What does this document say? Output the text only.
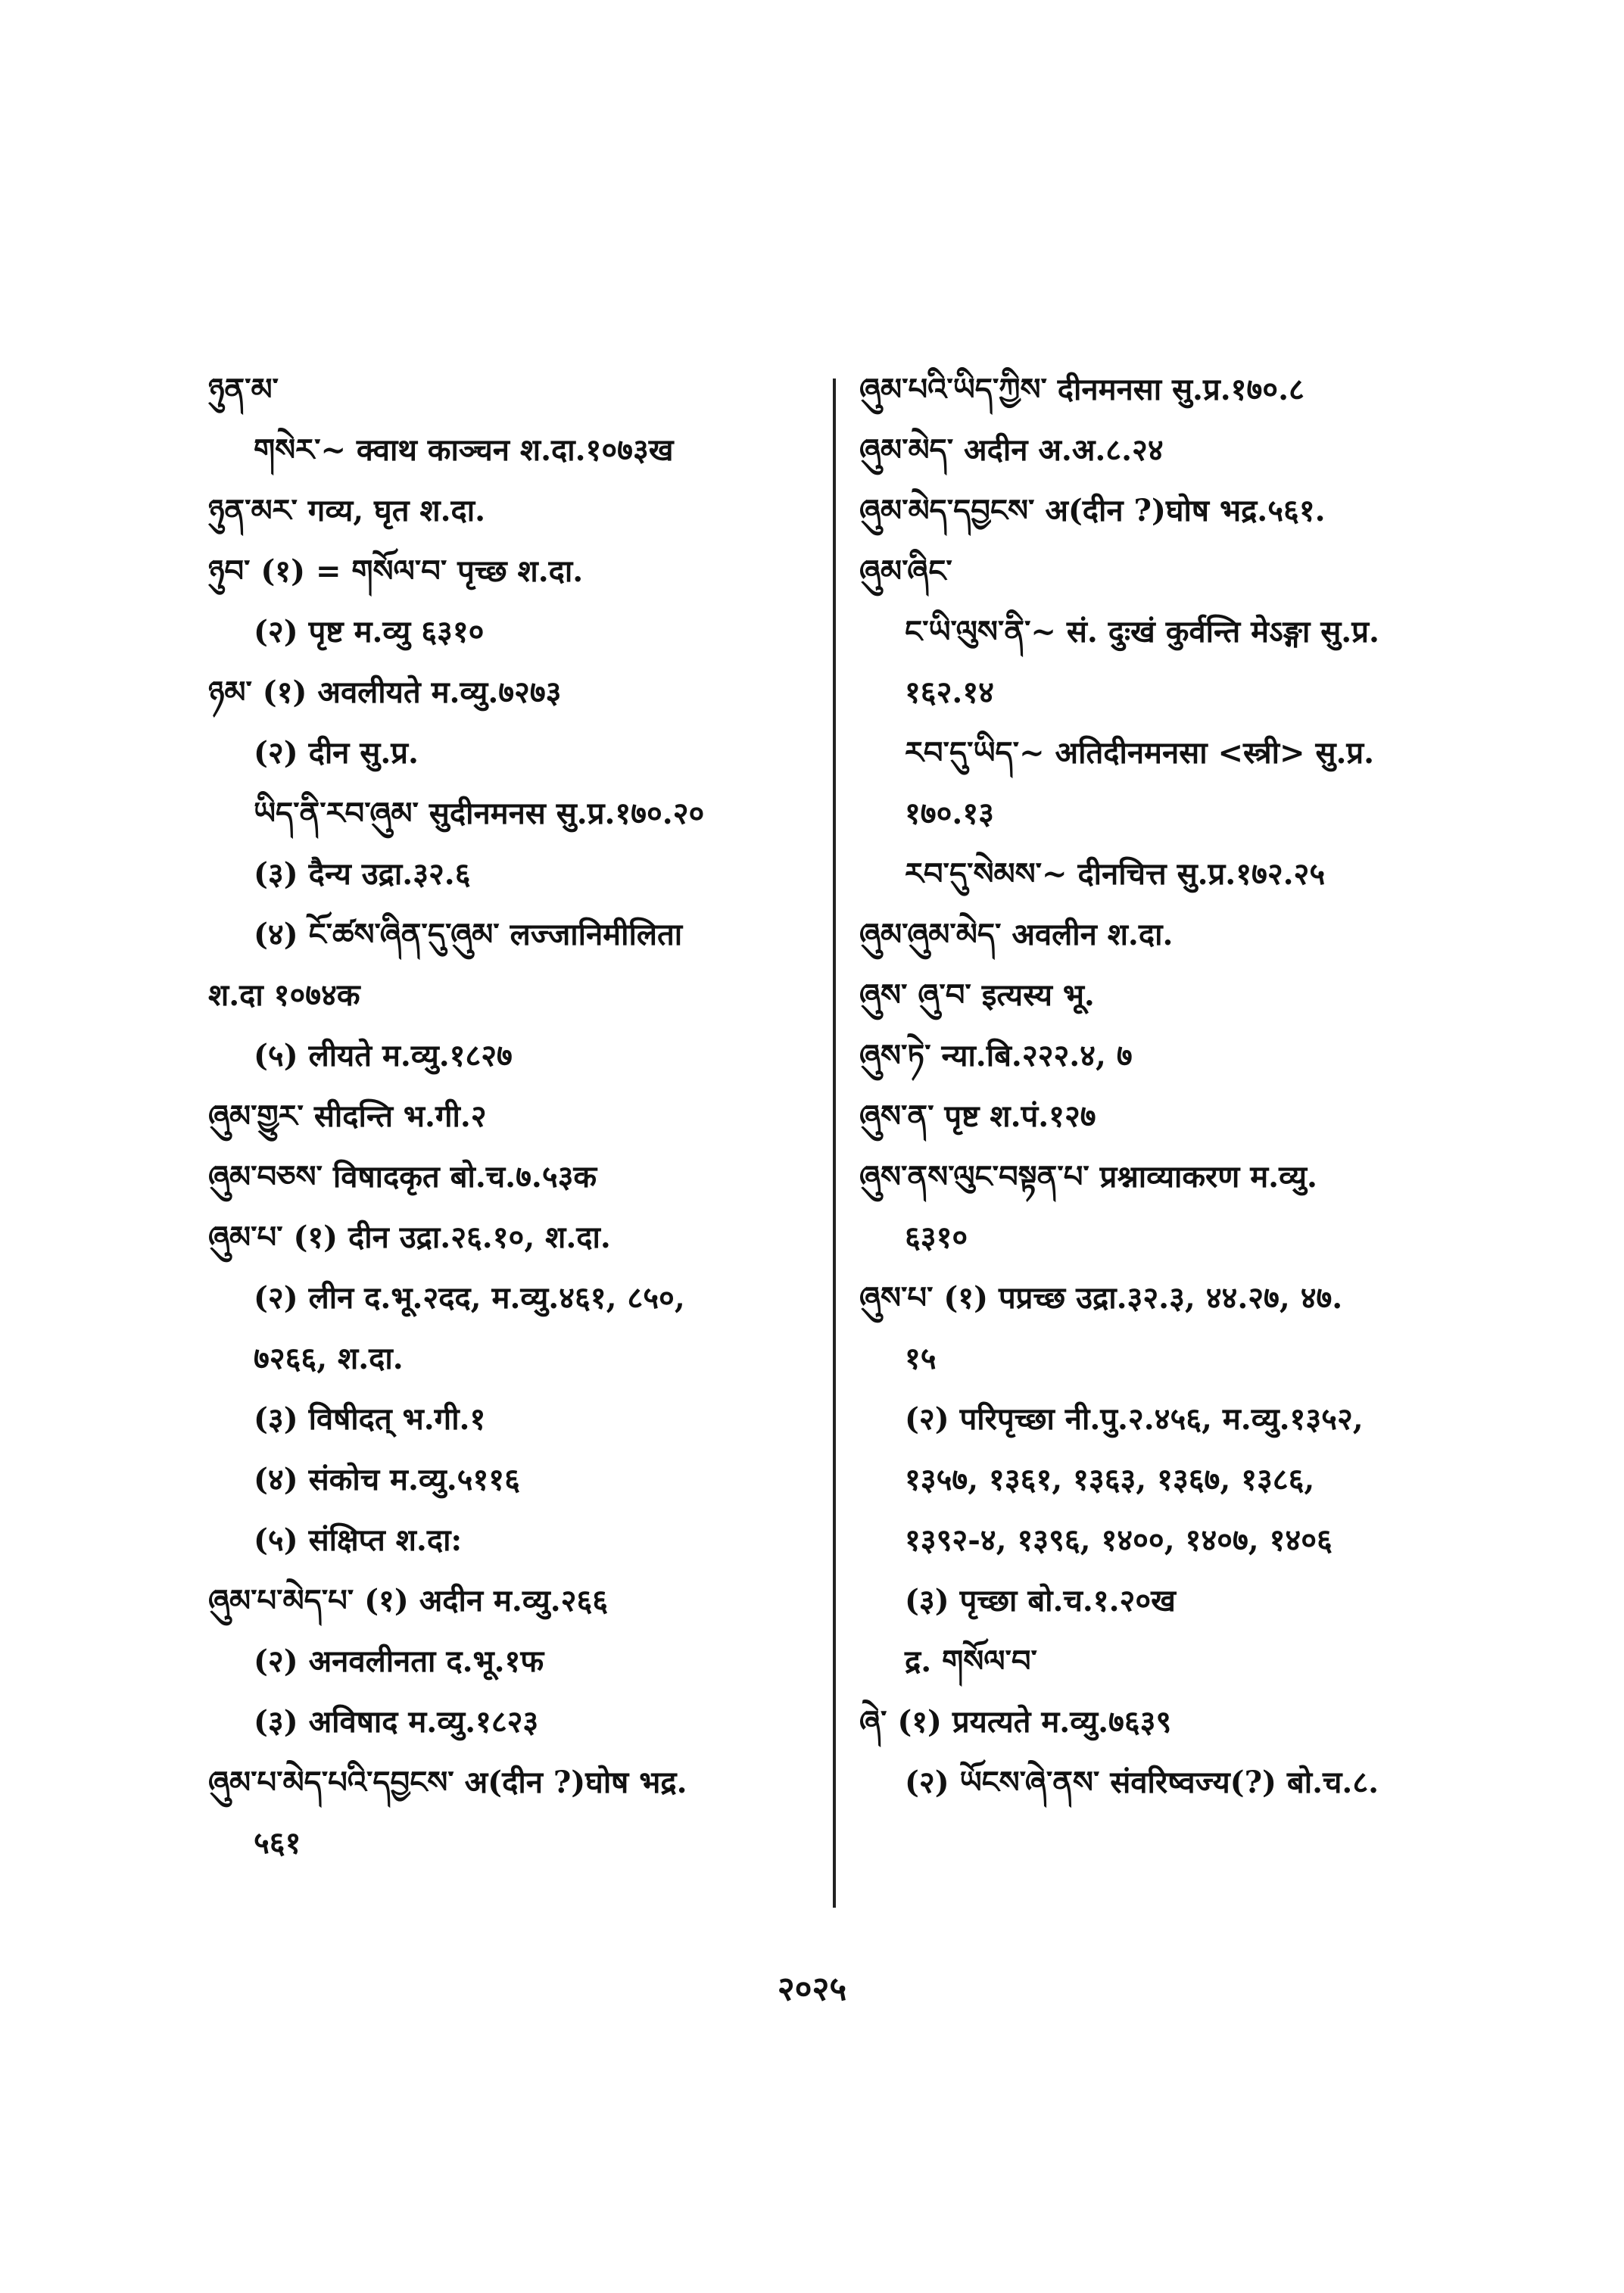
ཉུན་མ་
གསེར་~ क्वाथ काञ्चन श.दा.१०७३ख
ཉུན་མར་ गव्य, घृत श.दा.
ཉུབ་ (१) = གསོལ་བ་ पृच्छ श.दा.
(२) पृष्ट म.व्यु ६३१०
ཉམ་ (१) अवलीयते म.व्यु.७२७३
(२) दीन सु.प्र.
ཡིད་ནི་རབ་ཞུམ་ सुदीनमनस सु.प्र.१७०.२०
(३) दैन्य उद्रा.३२.६
(४) ངོ་ཚས་ཞིན་དུ་ཞུམ་ लज्जानिमीलिता
श.दा १०७४क
(५) लीयते म.व्यु.१८२७
ཞུམ་གྱུར་ सीदन्ति भ.गी.२
ཞུམ་བཅས་ विषादकृत बो.च.७.५३क
ཞུམ་པ་ (१) दीन उद्रा.२६.१०, श.दा.
(२) लीन द.भू.२दद, म.व्यु.४६१, ८५०,
७२६६, श.दा.
(३) विषीदत् भ.गी.१
(४) संकोच म.व्यु.५११६
(५) संक्षिप्त श.दा:
ཞུམ་པ་མེད་པ་ (१) अदीन म.व्यु.२६६
(२) अनवलीनता द.भू.१फ
(३) अविषाद म.व्यु.१८२३
ཞུམ་པ་མེད་པའི་དབྱངས་ अ(दीन ?)घोष भद्र.
५६१
ཞུམ་པའི་ཡིད་ཀྱིས་ दीनमनसा सु.प्र.१७०.८
ཞུམ་མེད་ अदीन अ.अ.८.२४
ཞུམ་མེད་དབྱངས་ अ(दीन ?)घोष भद्र.५६१.
ཞུམ་ཞིང་
ང་ཡི་ལུས་ནི་~ सं. दुःखं कुर्वन्ति मेऽङ्गा सु.प्र.
१६२.१४
རབ་དུ་ཡིད་~ अतिदीनमनसा <स्त्री> सु.प्र.
१७०.१३
རབ་དུ་སེམས་~ दीनचित्त सु.प्र.१७२.२५
ཞུམ་ཞུམ་མེད་ अवलीन श.दा.
ཞུས་ ཞུ་བ་ इत्यस्य भू.
ཞུས་ཏེ་ न्या.बि.२२२.४, ७
ཞུས་ན་ पृष्ट श.पं.१२७
ཞུས་ནས་ལུང་བསྟན་པ་ प्रश्नाव्याकरण म.व्यु.
६३१०
ཞུས་པ་ (१) पप्रच्छ उद्रा.३२.३, ४४.२७, ४७.
१५
(२) परिपृच्छा नी.पु.२.४५६, म.व्यु.१३५२,
१३५७, १३६१, १३६३, १३६७, १३८६,
१३९२-४, १३९६, १४००, १४०७, १४०६
(३) पृच्छा बो.च.१.२०ख
द्र. གསོལ་བ་
ཞེ་ (१) प्रयत्यते म.व्यु.७६३९
(२) ཡོངས་ཞེ་ནས་ संवरिष्वज्य(?) बो.च.८.
२०२५
